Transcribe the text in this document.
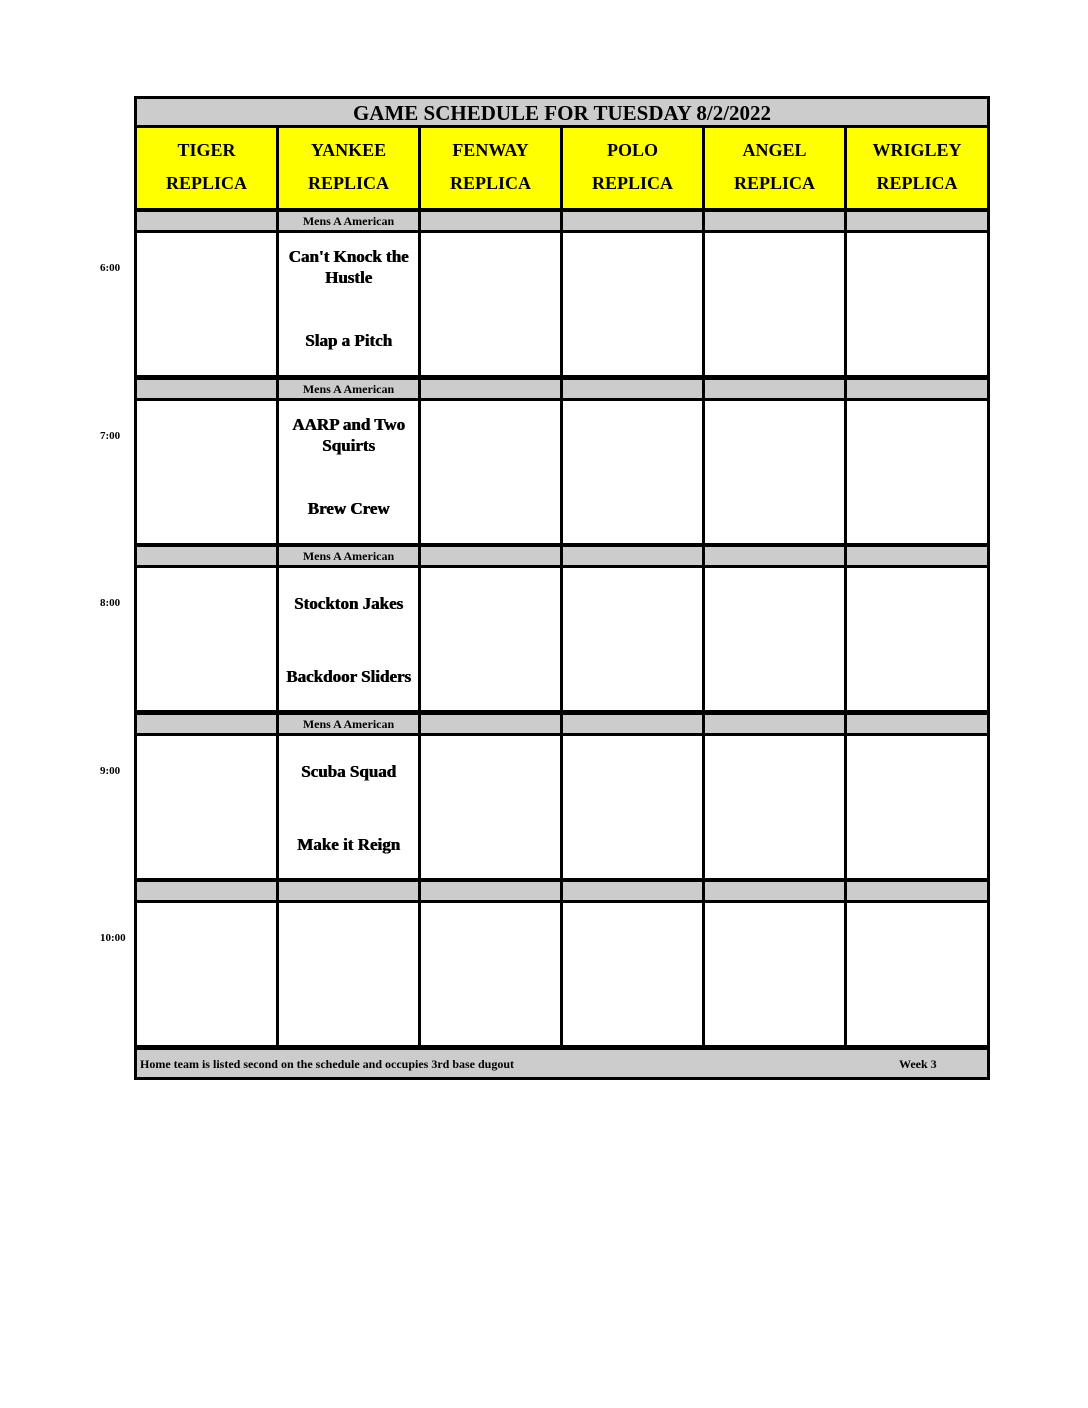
GAME SCHEDULE FOR TUESDAY 8/2/2022
Home team is listed second on the schedule and occupies 3rd base dugout	Week 3
TIGER
REPLICA
YANKEE
REPLICA
FENWAY
REPLICA
POLO
REPLICA
ANGEL
REPLICA
WRIGLEY
REPLICA
Mens A American
Can't Knock the Hustle
Slap a Pitch
Mens A American
AARP and Two Squirts
Brew Crew
Mens A American
Stockton Jakes
Backdoor Sliders
Mens A American
Scuba Squad
Make it Reign
6:00
7:00
8:00
9:00
10:00
